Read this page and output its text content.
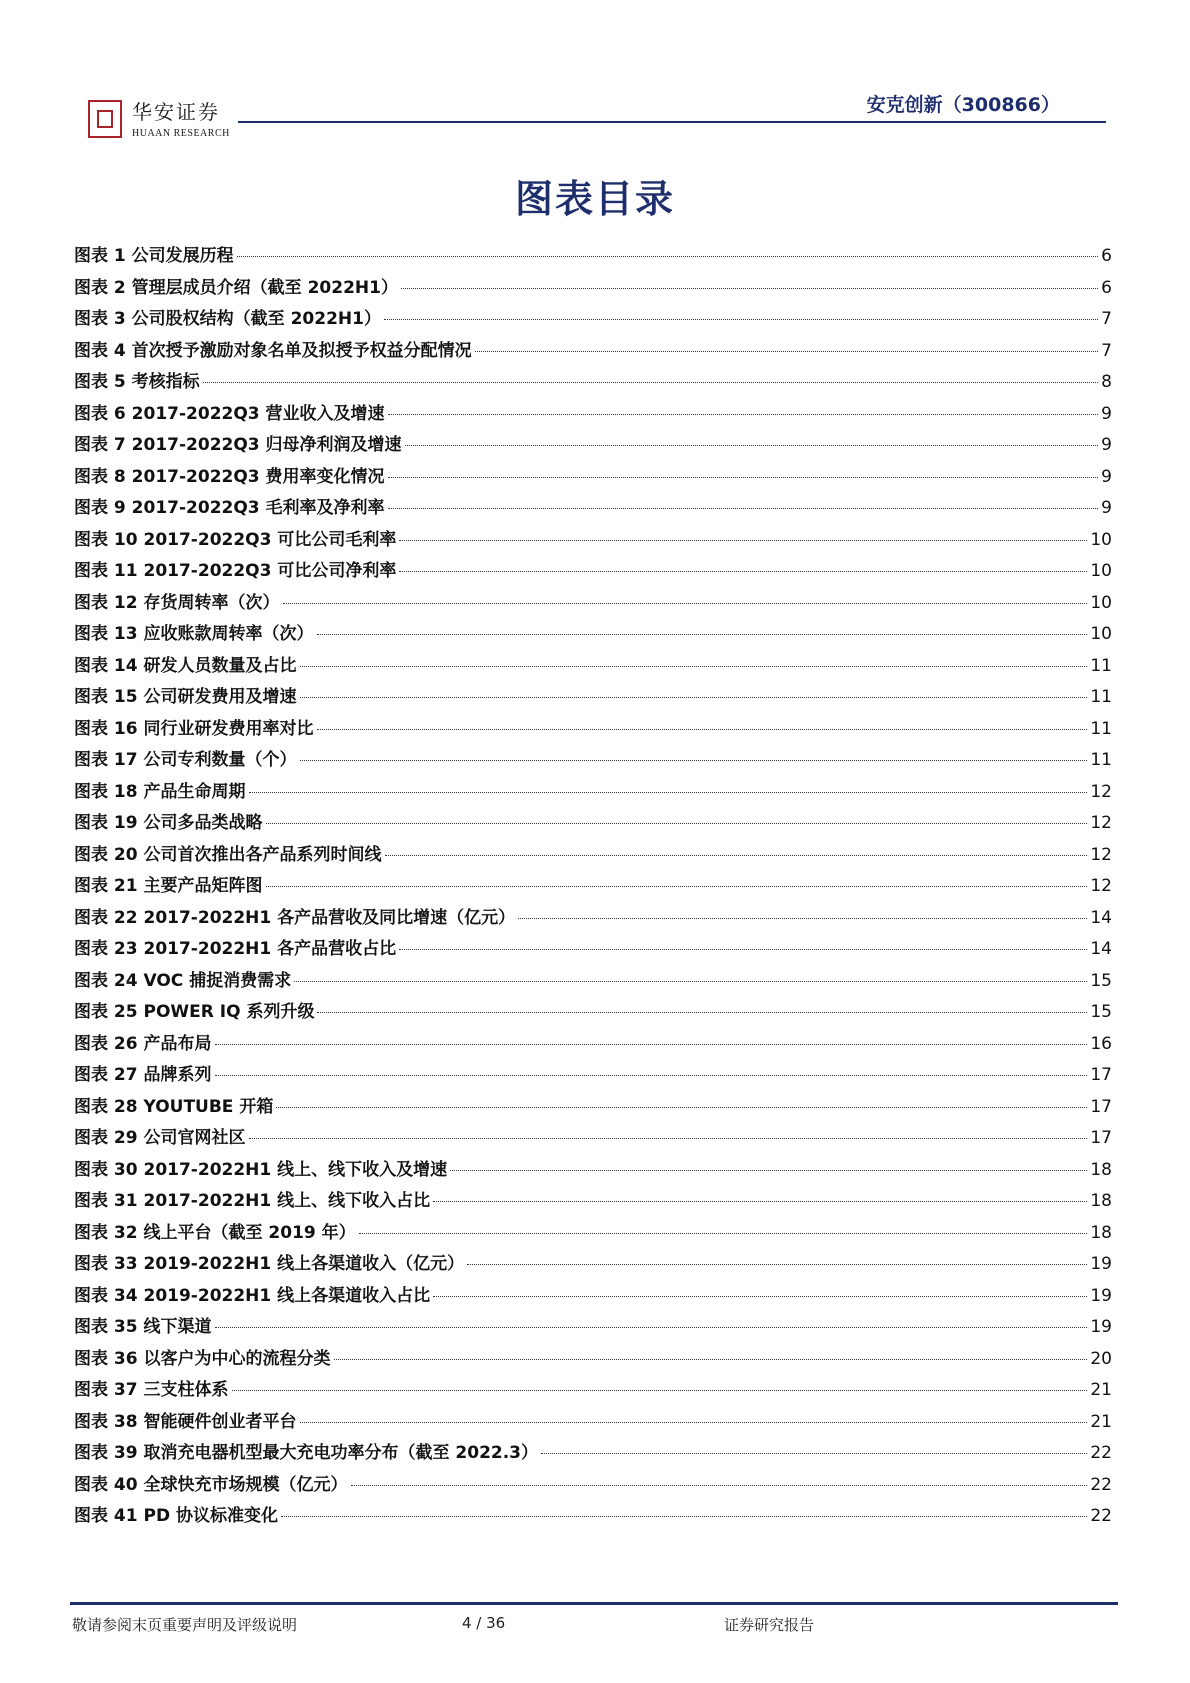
华安证券
HUAAN RESEARCH
安克创新（300866）
图表目录
图表 1 公司发展历程	6
图表 2 管理层成员介绍（截至 2022H1）	6
图表 3 公司股权结构（截至 2022H1）	7
图表 4 首次授予激励对象名单及拟授予权益分配情况	7
图表 5 考核指标	8
图表 6 2017-2022Q3 营业收入及增速	9
图表 7 2017-2022Q3 归母净利润及增速	9
图表 8 2017-2022Q3 费用率变化情况	9
图表 9 2017-2022Q3 毛利率及净利率	9
图表 10 2017-2022Q3 可比公司毛利率	10
图表 11 2017-2022Q3 可比公司净利率	10
图表 12 存货周转率（次）	10
图表 13 应收账款周转率（次）	10
图表 14 研发人员数量及占比	11
图表 15 公司研发费用及增速	11
图表 16 同行业研发费用率对比	11
图表 17 公司专利数量（个）	11
图表 18 产品生命周期	12
图表 19 公司多品类战略	12
图表 20 公司首次推出各产品系列时间线	12
图表 21 主要产品矩阵图	12
图表 22 2017-2022H1 各产品营收及同比增速（亿元）	14
图表 23 2017-2022H1 各产品营收占比	14
图表 24 VOC 捕捉消费需求	15
图表 25 POWER IQ 系列升级	15
图表 26 产品布局	16
图表 27 品牌系列	17
图表 28 YOUTUBE 开箱	17
图表 29 公司官网社区	17
图表 30 2017-2022H1 线上、线下收入及增速	18
图表 31 2017-2022H1 线上、线下收入占比	18
图表 32 线上平台（截至 2019 年）	18
图表 33 2019-2022H1 线上各渠道收入（亿元）	19
图表 34 2019-2022H1 线上各渠道收入占比	19
图表 35 线下渠道	19
图表 36 以客户为中心的流程分类	20
图表 37 三支柱体系	21
图表 38 智能硬件创业者平台	21
图表 39 取消充电器机型最大充电功率分布（截至 2022.3）	22
图表 40 全球快充市场规模（亿元）	22
图表 41 PD 协议标准变化	22
敬请参阅末页重要声明及评级说明	4 / 36	证券研究报告
